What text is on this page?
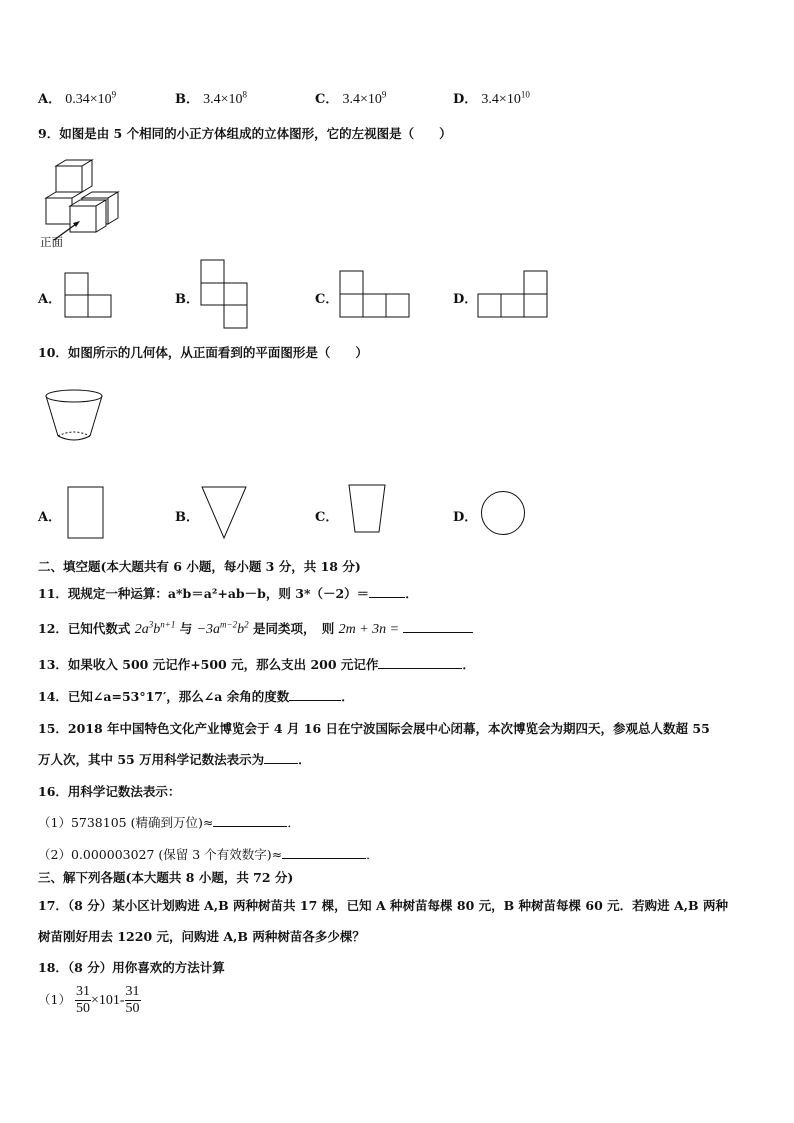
A． $0.34\times 10^9$	B． $3.4\times 10^8$	C． $3.4\times 10^9$	D． $3.4\times 10^{10}$
9．如图是由 5 个相同的小正方体组成的立体图形，它的左视图是（　　）
正面
A．	B．	C．	D．
10．如图所示的几何体，从正面看到的平面图形是（　　）
A．	B．	C．	D．
二、填空题(本大题共有 6 小题，每小题 3 分，共 18 分)
11．现规定一种运算：a*b＝a²+ab－b，则 3*（－2）＝	．
12．已知代数式 $2a^3b^{n+1}$ 与 $-3a^{m-2}b^2$ 是同类项，　则 2m + 3n =
13．如果收入 500 元记作+500 元，那么支出 200 元记作	．
14．已知∠a=53°17′，那么∠a 余角的度数	．
15．2018 年中国特色文化产业博览会于 4 月 16 日在宁波国际会展中心闭幕，本次博览会为期四天，参观总人数超 55
万人次，其中 55 万用科学记数法表示为	．
16．用科学记数法表示：
（1）5738105 (精确到万位)≈	．
（2）0.000003027 (保留 3 个有效数字)≈	．
三、解下列各题(本大题共 8 小题，共 72 分)
17．（8 分）某小区计划购进 A,B 两种树苗共 17 棵，已知 A 种树苗每棵 80 元，B 种树苗每棵 60 元．若购进 A,B 两种
树苗刚好用去 1220 元，问购进 A,B 两种树苗各多少棵？
18．（8 分）用你喜欢的方法计算
$(1) \frac{31}{50} \times 101- \frac{31}{50}$
